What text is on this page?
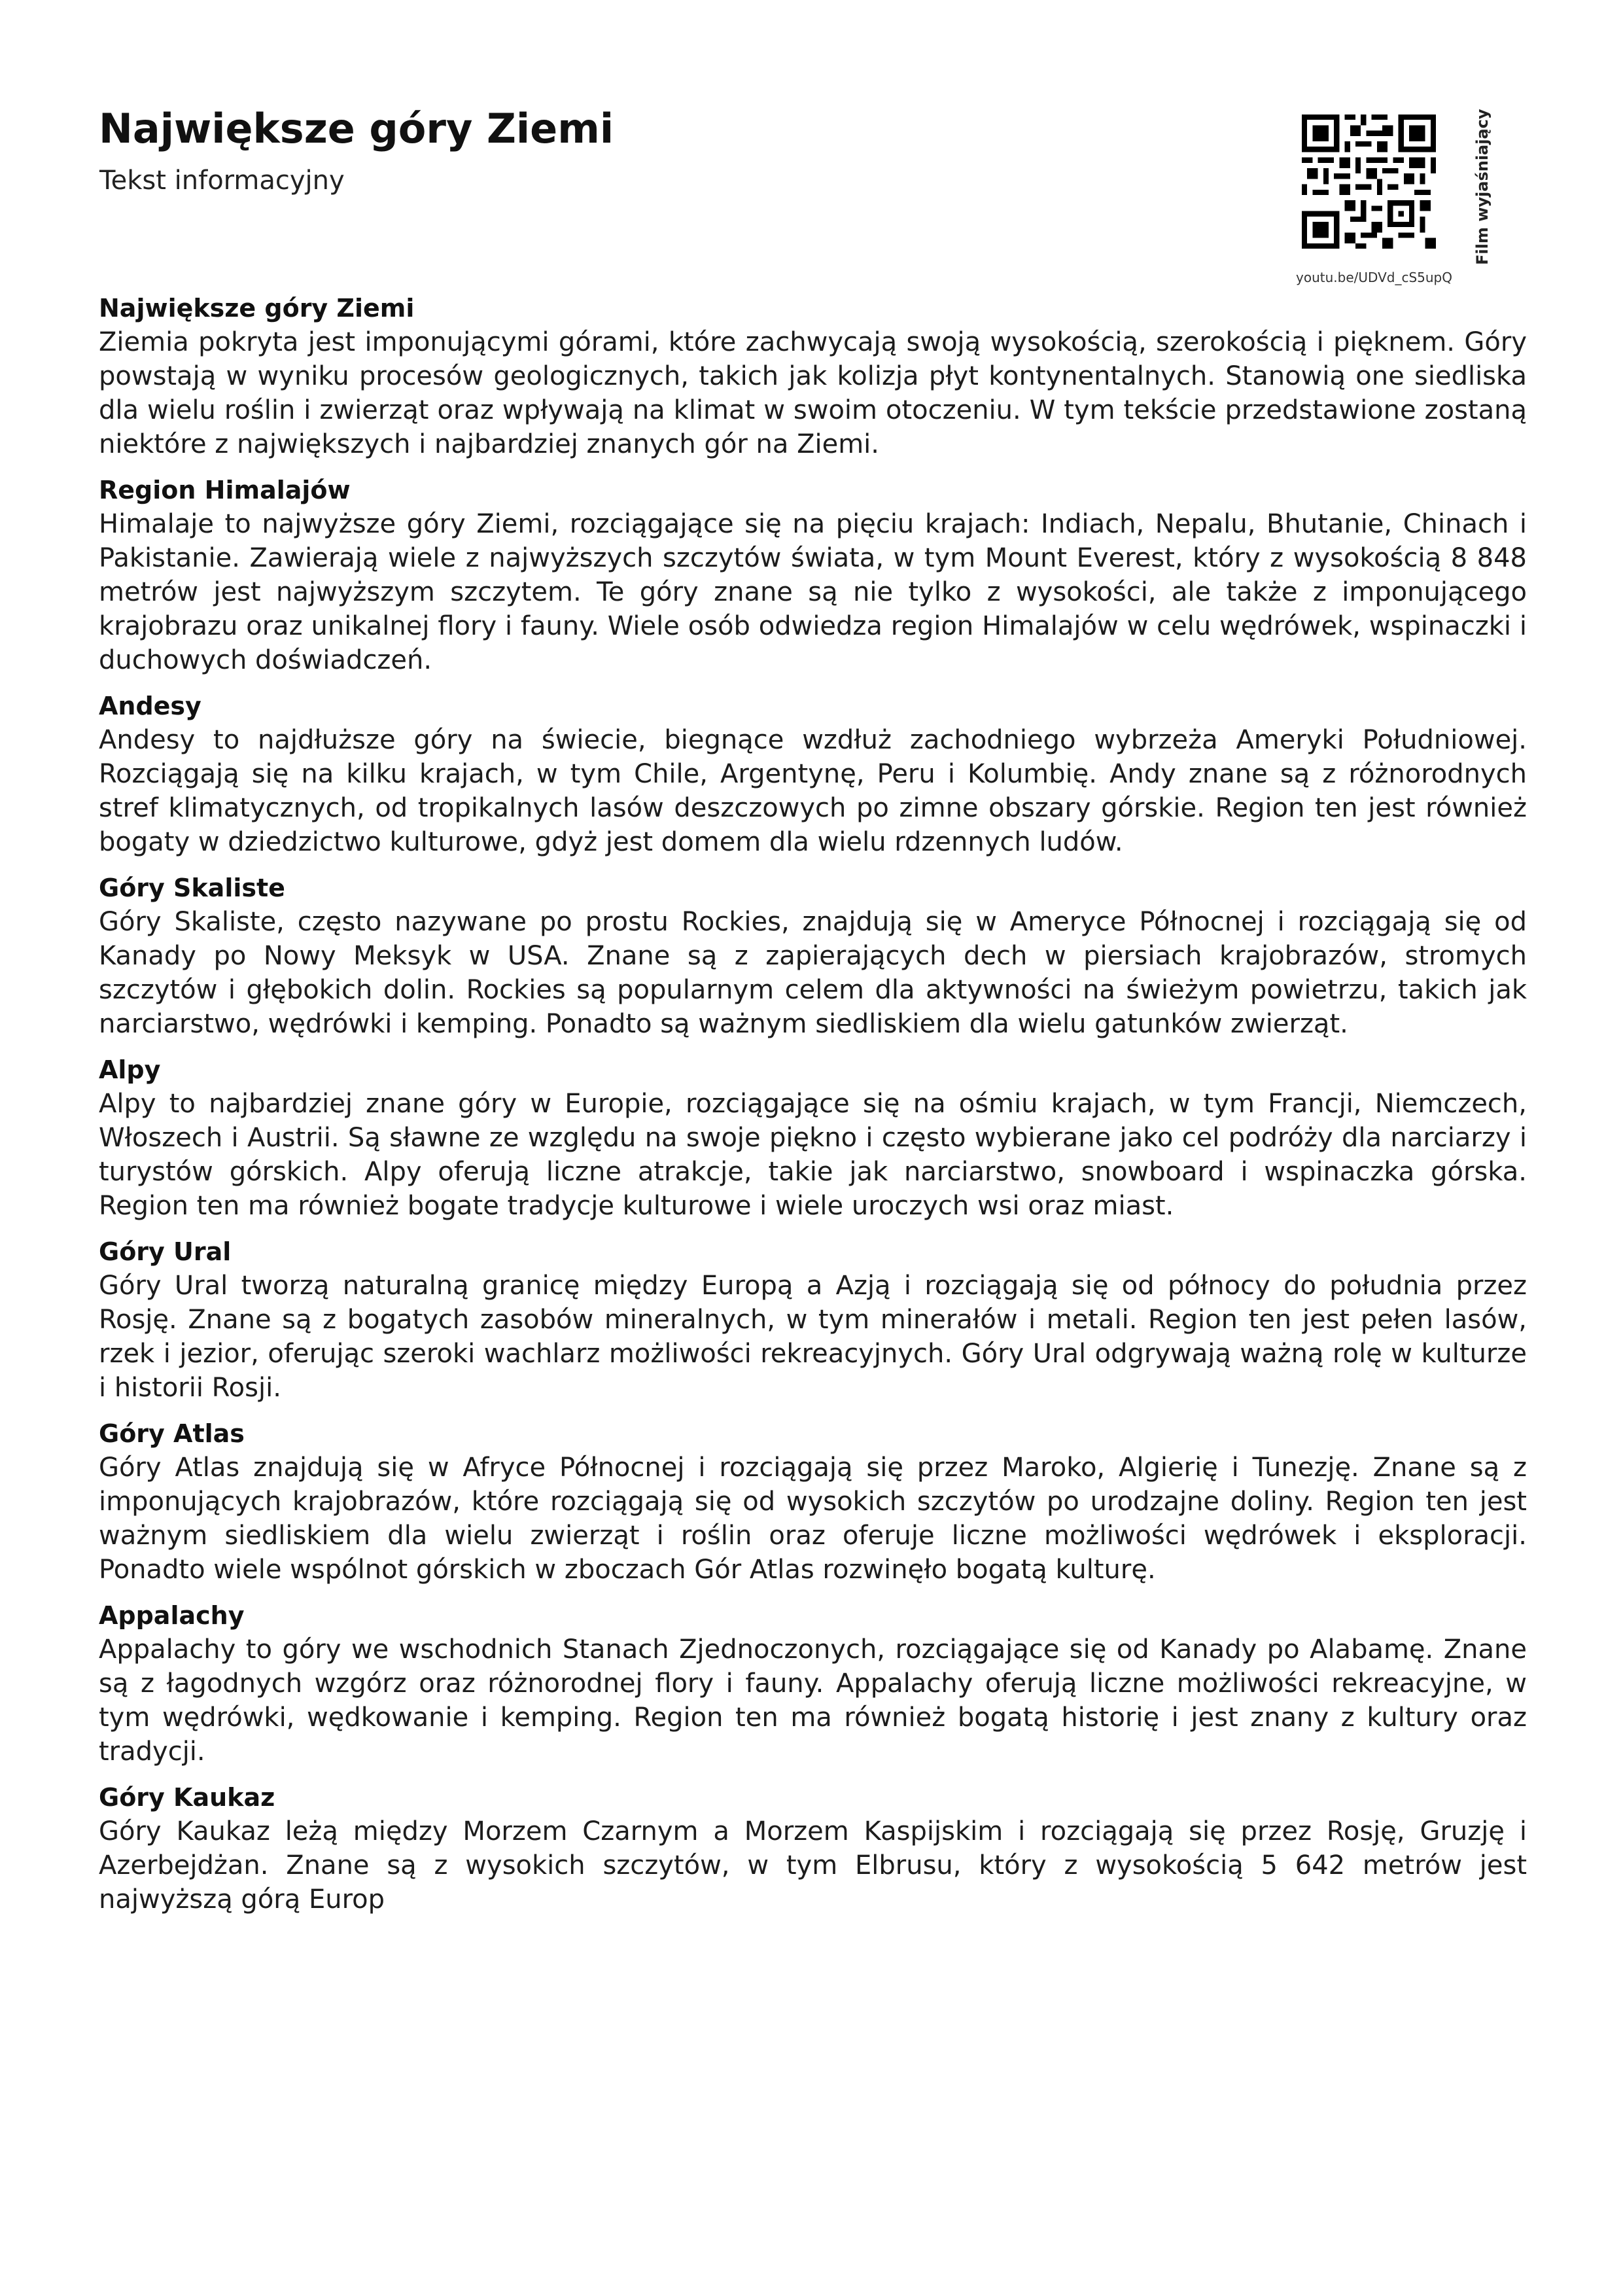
Największe góry Ziemi

Tekst informacyjny	Film wyjaśniający
youtu.be/UDVd_cS5upQ

Największe góry Ziemi

Ziemia pokryta jest imponującymi górami, które zachwycają swoją wysokością, szerokością i pięknem. Góry powstają w wyniku procesów geologicznych, takich jak kolizja płyt kontynentalnych. Stanowią one siedliska dla wielu roślin i zwierząt oraz wpływają na klimat w swoim otoczeniu. W tym tekście przedstawione zostaną niektóre z największych i najbardziej znanych gór na Ziemi.

Region Himalajów

Himalaje to najwyższe góry Ziemi, rozciągające się na pięciu krajach: Indiach, Nepalu, Bhutanie, Chinach i Pakistanie. Zawierają wiele z najwyższych szczytów świata, w tym Mount Everest, który z wysokością 8 848 metrów jest najwyższym szczytem. Te góry znane są nie tylko z wysokości, ale także z imponującego krajobrazu oraz unikalnej flory i fauny. Wiele osób odwiedza region Himalajów w celu wędrówek, wspinaczki i duchowych doświadczeń.

Andesy

Andesy to najdłuższe góry na świecie, biegnące wzdłuż zachodniego wybrzeża Ameryki Południowej. Rozciągają się na kilku krajach, w tym Chile, Argentynę, Peru i Kolumbię. Andy znane są z różnorodnych stref klimatycznych, od tropikalnych lasów deszczowych po zimne obszary górskie. Region ten jest również bogaty w dziedzictwo kulturowe, gdyż jest domem dla wielu rdzennych ludów.

Góry Skaliste

Góry Skaliste, często nazywane po prostu Rockies, znajdują się w Ameryce Północnej i rozciągają się od Kanady po Nowy Meksyk w USA. Znane są z zapierających dech w piersiach krajobrazów, stromych szczytów i głębokich dolin. Rockies są popularnym celem dla aktywności na świeżym powietrzu, takich jak narciarstwo, wędrówki i kemping. Ponadto są ważnym siedliskiem dla wielu gatunków zwierząt.

Alpy

Alpy to najbardziej znane góry w Europie, rozciągające się na ośmiu krajach, w tym Francji, Niemczech, Włoszech i Austrii. Są sławne ze względu na swoje piękno i często wybierane jako cel podróży dla narciarzy i turystów górskich. Alpy oferują liczne atrakcje, takie jak narciarstwo, snowboard i wspinaczka górska. Region ten ma również bogate tradycje kulturowe i wiele uroczych wsi oraz miast.

Góry Ural

Góry Ural tworzą naturalną granicę między Europą a Azją i rozciągają się od północy do południa przez Rosję. Znane są z bogatych zasobów mineralnych, w tym minerałów i metali. Region ten jest pełen lasów, rzek i jezior, oferując szeroki wachlarz możliwości rekreacyjnych. Góry Ural odgrywają ważną rolę w kulturze i historii Rosji.

Góry Atlas

Góry Atlas znajdują się w Afryce Północnej i rozciągają się przez Maroko, Algierię i Tunezję. Znane są z imponujących krajobrazów, które rozciągają się od wysokich szczytów po urodzajne doliny. Region ten jest ważnym siedliskiem dla wielu zwierząt i roślin oraz oferuje liczne możliwości wędrówek i eksploracji. Ponadto wiele wspólnot górskich w zboczach Gór Atlas rozwinęło bogatą kulturę.

Appalachy

Appalachy to góry we wschodnich Stanach Zjednoczonych, rozciągające się od Kanady po Alabamę. Znane są z łagodnych wzgórz oraz różnorodnej flory i fauny. Appalachy oferują liczne możliwości rekreacyjne, w tym wędrówki, wędkowanie i kemping. Region ten ma również bogatą historię i jest znany z kultury oraz tradycji.

Góry Kaukaz

Góry Kaukaz leżą między Morzem Czarnym a Morzem Kaspijskim i rozciągają się przez Rosję, Gruzję i Azerbejdżan. Znane są z wysokich szczytów, w tym Elbrusu, który z wysokością 5 642 metrów jest najwyższą górą Europ
